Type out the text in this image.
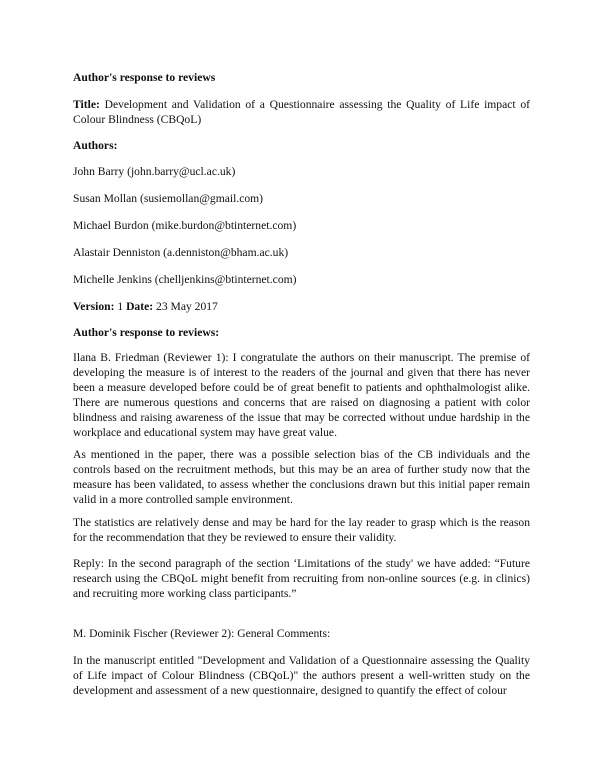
Author's response to reviews
Title: Development and Validation of a Questionnaire assessing the Quality of Life impact of Colour Blindness (CBQoL)
Authors:
John Barry (john.barry@ucl.ac.uk)
Susan Mollan (susiemollan@gmail.com)
Michael Burdon (mike.burdon@btinternet.com)
Alastair Denniston (a.denniston@bham.ac.uk)
Michelle Jenkins (chelljenkins@btinternet.com)
Version: 1 Date: 23 May 2017
Author's response to reviews:
Ilana B. Friedman (Reviewer 1): I congratulate the authors on their manuscript. The premise of developing the measure is of interest to the readers of the journal and given that there has never been a measure developed before could be of great benefit to patients and ophthalmologist alike. There are numerous questions and concerns that are raised on diagnosing a patient with color blindness and raising awareness of the issue that may be corrected without undue hardship in the workplace and educational system may have great value.
As mentioned in the paper, there was a possible selection bias of the CB individuals and the controls based on the recruitment methods, but this may be an area of further study now that the measure has been validated, to assess whether the conclusions drawn but this initial paper remain valid in a more controlled sample environment.
The statistics are relatively dense and may be hard for the lay reader to grasp which is the reason for the recommendation that they be reviewed to ensure their validity.
Reply: In the second paragraph of the section ‘Limitations of the study' we have added: “Future research using the CBQoL might benefit from recruiting from non-online sources (e.g. in clinics) and recruiting more working class participants.”
M. Dominik Fischer (Reviewer 2): General Comments:
In the manuscript entitled "Development and Validation of a Questionnaire assessing the Quality of Life impact of Colour Blindness (CBQoL)" the authors present a well-written study on the development and assessment of a new questionnaire, designed to quantify the effect of colour
